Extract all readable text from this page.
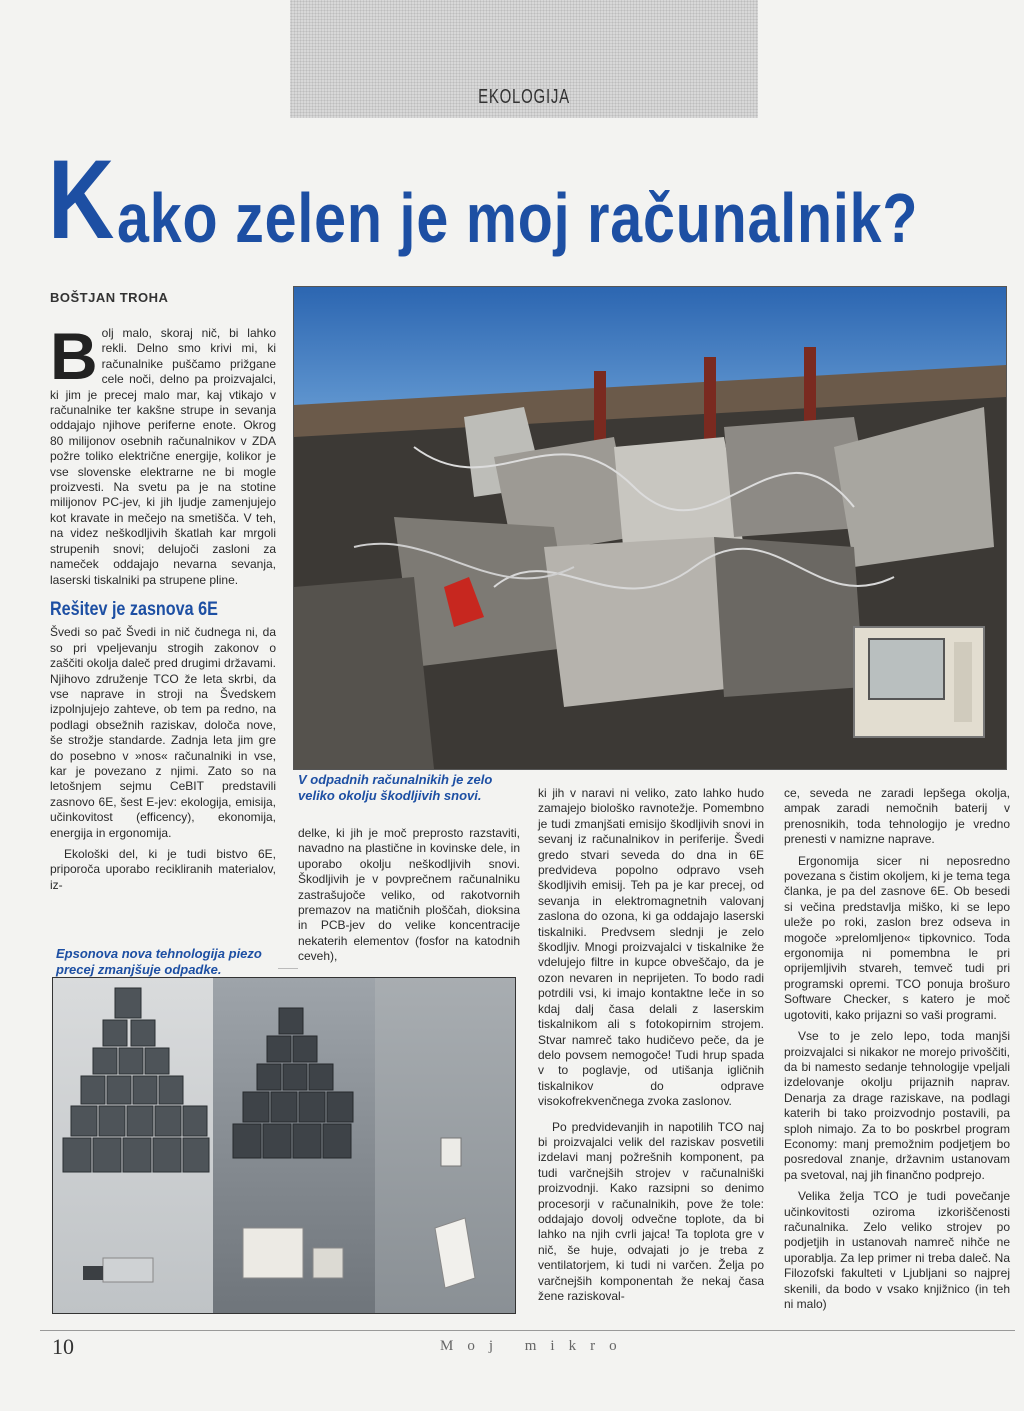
EKOLOGIJA
Kako zelen je moj računalnik?
BOŠTJAN TROHA

Bolj malo, skoraj nič, bi lahko rekli. Delno smo krivi mi, ki računalnike puščamo prižgane cele noči, delno pa proizvajalci, ki jim je precej malo mar, kaj vtikajo v računalnike ter kakšne strupe in sevanja oddajajo njihove periferne enote. Okrog 80 milijonov osebnih računalnikov v ZDA požre toliko električne energije, kolikor je vse slovenske elektrarne ne bi mogle proizvesti. Na svetu pa je na stotine milijonov PC-jev, ki jih ljudje zamenjujejo kot kravate in mečejo na smetišča. V teh, na videz neškodljivih škatlah kar mrgoli strupenih snovi; delujoči zasloni za nameček oddajajo nevarna sevanja, laserski tiskalniki pa strupene pline.

Rešitev je zasnova 6E

Švedi so pač Švedi in nič čudnega ni, da so pri vpeljevanju strogih zakonov o zaščiti okolja daleč pred drugimi državami. Njihovo združenje TCO že leta skrbi, da vse naprave in stroji na Švedskem izpolnjujejo zahteve, ob tem pa redno, na podlagi obsežnih raziskav, določa nove, še strožje standarde. Zadnja leta jim gre do posebno v »nos« računalniki in vse, kar je povezano z njimi. Zato so na letošnjem sejmu CeBIT predstavili zasnovo 6E, šest E-jev: ekologija, emisija, učinkovitost (efficency), ekonomija, energija in ergonomija.

Ekološki del, ki je tudi bistvo 6E, priporoča uporabo recikliranih materialov, iz-

V odpadnih računalnikih je zelo veliko okolju škodljivih snovi.

delke, ki jih je moč preprosto razstaviti, navadno na plastične in kovinske dele, in uporabo okolju neškodljivih snovi. Škodljivih je v povprečnem računalniku zastrašujoče veliko, od rakotvornih premazov na matičnih ploščah, dioksina in PCB-jev do velike koncentracije nekaterih elementov (fosfor na katodnih ceveh),

Epsonova nova tehnologija piezo precej zmanjšuje odpadke.

ki jih v naravi ni veliko, zato lahko hudo zamajejo biološko ravnotežje. Pomembno je tudi zmanjšati emisijo škodljivih snovi in sevanj iz računalnikov in periferije. Švedi gredo stvari seveda do dna in 6E predvideva popolno odpravo vseh škodljivih emisij. Teh pa je kar precej, od sevanja in elektromagnetnih valovanj zaslona do ozona, ki ga oddajajo laserski tiskalniki. Predvsem slednji je zelo škodljiv. Mnogi proizvajalci v tiskalnike že vdelujejo filtre in kupce obveščajo, da je ozon nevaren in neprijeten. To bodo radi potrdili vsi, ki imajo kontaktne leče in so kdaj dalj časa delali z laserskim tiskalnikom ali s fotokopirnim strojem. Stvar namreč tako hudičevo peče, da je delo povsem nemogoče! Tudi hrup spada v to poglavje, od utišanja igličnih tiskalnikov do odprave visokofrekvenčnega zvoka zaslonov.

Po predvidevanjih in napotilih TCO naj bi proizvajalci velik del raziskav posvetili izdelavi manj požrešnih komponent, pa tudi varčnejših strojev v računalniški proizvodnji. Kako razsipni so denimo procesorji v računalnikih, pove že tole: oddajajo dovolj odvečne toplote, da bi lahko na njih cvrli jajca! Ta toplota gre v nič, še huje, odvajati jo je treba z ventilatorjem, ki tudi ni varčen. Želja po varčnejših komponentah že nekaj časa žene raziskoval-

ce, seveda ne zaradi lepšega okolja, ampak zaradi nemočnih baterij v prenosnikih, toda tehnologijo je vredno prenesti v namizne naprave.

Ergonomija sicer ni neposredno povezana s čistim okoljem, ki je tema tega članka, je pa del zasnove 6E. Ob besedi si večina predstavlja miško, ki se lepo uleže po roki, zaslon brez odseva in mogoče »prelomljeno« tipkovnico. Toda ergonomija ni pomembna le pri oprijemljivih stvareh, temveč tudi pri programski opremi. TCO ponuja brošuro Software Checker, s katero je moč ugotoviti, kako prijazni so vaši programi.

Vse to je zelo lepo, toda manjši proizvajalci si nikakor ne morejo privoščiti, da bi namesto sedanje tehnologije vpeljali izdelovanje okolju prijaznih naprav. Denarja za drage raziskave, na podlagi katerih bi tako proizvodnjo postavili, pa sploh nimajo. Za to bo poskrbel program Economy: manj premožnim podjetjem bo posredoval znanje, državnim ustanovam pa svetoval, naj jih finančno podprejo.

Velika želja TCO je tudi povečanje učinkovitosti oziroma izkoriščenosti računalnika. Zelo veliko strojev po podjetjih in ustanovah namreč nihče ne uporablja. Za lep primer ni treba daleč. Na Filozofski fakulteti v Ljubljani so najprej skenili, da bodo v vsako knjižnico (in teh ni malo)

10	Moj mikro
